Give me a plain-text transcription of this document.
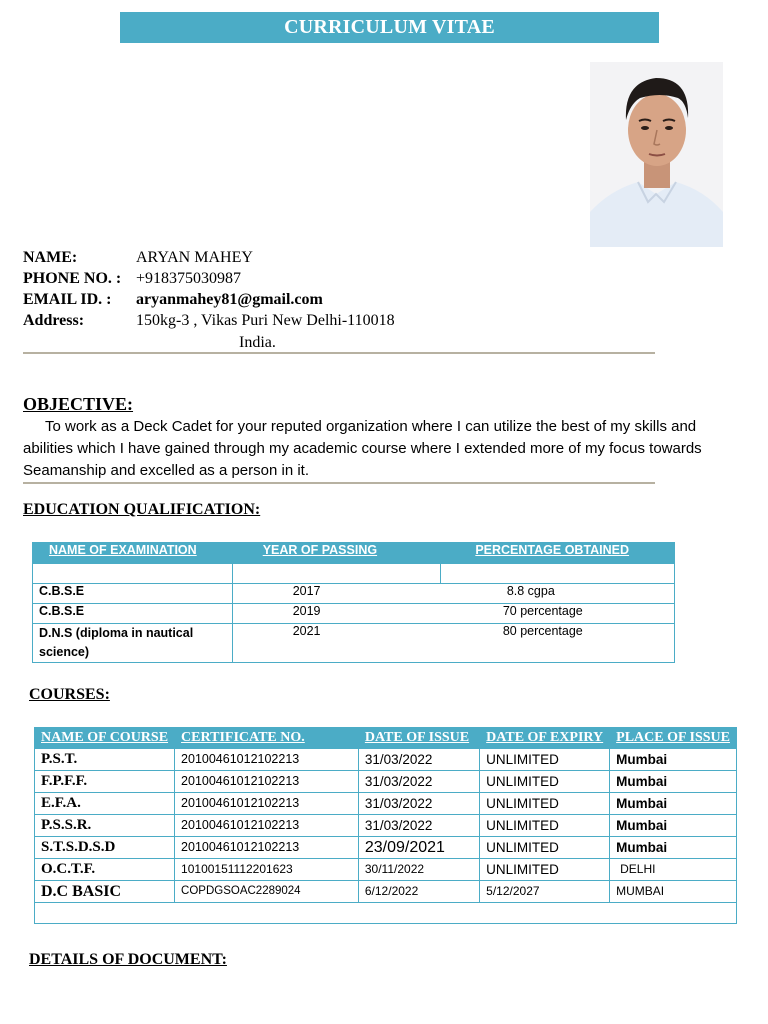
CURRICULUM VITAE
NAME:	ARYAN MAHEY
PHONE NO. : +918375030987
EMAIL ID. : aryanmahey81@gmail.com
Address:	150kg-3 , Vikas Puri New Delhi-110018
India.
OBJECTIVE:
To work as a Deck Cadet for your reputed organization where I can utilize the best of my skills and abilities which I have gained through my academic course where I extended more of my focus towards Seamanship and excelled as a person in it.
EDUCATION QUALIFICATION:
NAME OF EXAMINATION	YEAR OF PASSING	PERCENTAGE OBTAINED

C.B.S.E	2017	8.8 cgpa
C.B.S.E	2019	70 percentage
D.N.S (diploma in nautical science)	2021	80 percentage
COURSES:
NAME OF COURSE	CERTIFICATE NO.	DATE OF ISSUE	DATE OF EXPIRY	PLACE OF ISSUE
P.S.T.	20100461012102213	31/03/2022	UNLIMITED	Mumbai
F.P.F.F.	20100461012102213	31/03/2022	UNLIMITED	Mumbai
E.F.A.	20100461012102213	31/03/2022	UNLIMITED	Mumbai
P.S.S.R.	20100461012102213	31/03/2022	UNLIMITED	Mumbai
S.T.S.D.S.D	20100461012102213	23/09/2021	UNLIMITED	Mumbai
O.C.T.F.	10100151112201623	30/11/2022	UNLIMITED	DELHI
D.C BASIC	COPDGSOAC2289024	6/12/2022	5/12/2027	MUMBAI

DETAILS OF DOCUMENT:
